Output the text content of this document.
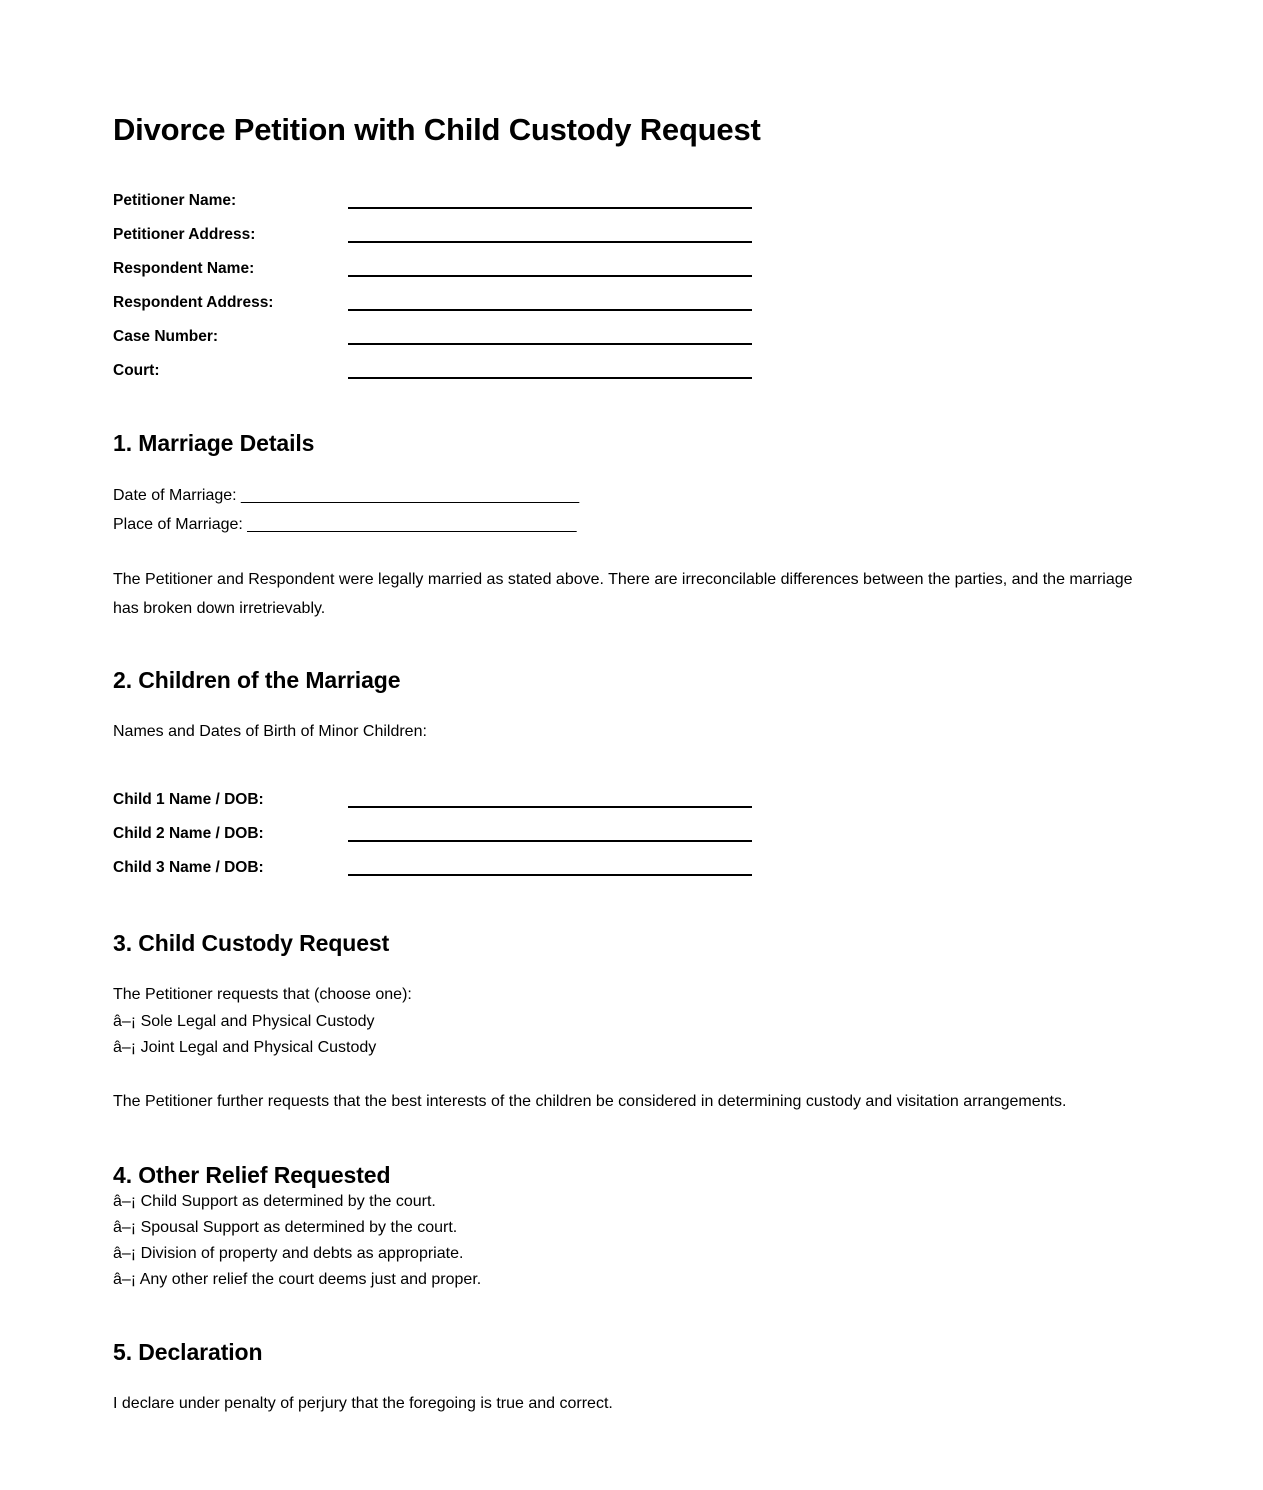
Divorce Petition with Child Custody Request
Petitioner Name:
Petitioner Address:
Respondent Name:
Respondent Address:
Case Number:
Court:
1. Marriage Details
Date of Marriage: ______________________________________
Place of Marriage: _____________________________________

The Petitioner and Respondent were legally married as stated above. There are irreconcilable differences between the parties, and the marriage has broken down irretrievably.

2. Children of the Marriage

Names and Dates of Birth of Minor Children:

Child 1 Name / DOB:
Child 2 Name / DOB:
Child 3 Name / DOB:
3. Child Custody Request

The Petitioner requests that (choose one):

â–¡ Sole Legal and Physical Custody
â–¡ Joint Legal and Physical Custody

The Petitioner further requests that the best interests of the children be considered in determining custody and visitation arrangements.

4. Other Relief Requested
â–¡ Child Support as determined by the court.
â–¡ Spousal Support as determined by the court.
â–¡ Division of property and debts as appropriate.
â–¡ Any other relief the court deems just and proper.
5. Declaration

I declare under penalty of perjury that the foregoing is true and correct.
